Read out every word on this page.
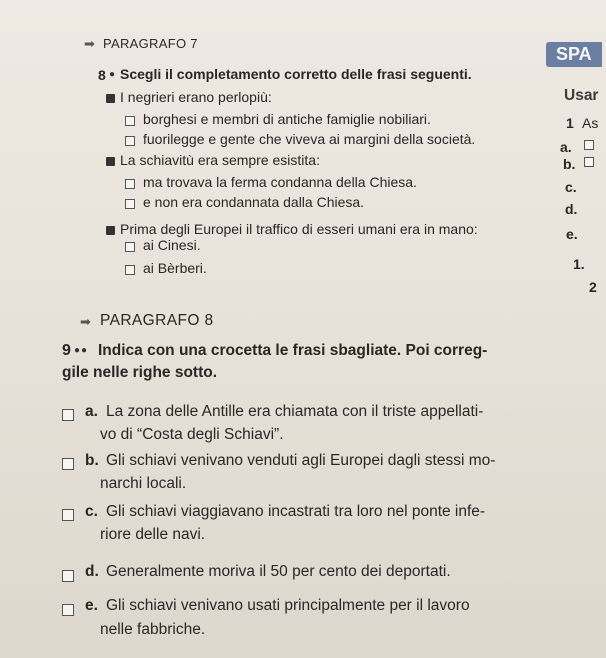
➡ PARAGRAFO 7
SPA
8 ● Scegli il completamento corretto delle frasi seguenti.
I negrieri erano perlopiù:
borghesi e membri di antiche famiglie nobiliari.
fuorilegge e gente che viveva ai margini della società.
La schiavitù era sempre esistita:
ma trovava la ferma condanna della Chiesa.
e non era condannata dalla Chiesa.
Prima degli Europei il traffico di esseri umani era in mano:
ai Cinesi.
ai Bèrberi.
Usar
1 As
a.
b.
c.
d.
e.
1.
2
➡ PARAGRAFO 8
9 ●● Indica con una crocetta le frasi sbagliate. Poi correg-
gile nelle righe sotto.
a. La zona delle Antille era chiamata con il triste appellati-
vo di “Costa degli Schiavi”.
b. Gli schiavi venivano venduti agli Europei dagli stessi mo-
narchi locali.
c. Gli schiavi viaggiavano incastrati tra loro nel ponte infe-
riore delle navi.
d. Generalmente moriva il 50 per cento dei deportati.
e. Gli schiavi venivano usati principalmente per il lavoro
nelle fabbriche.
